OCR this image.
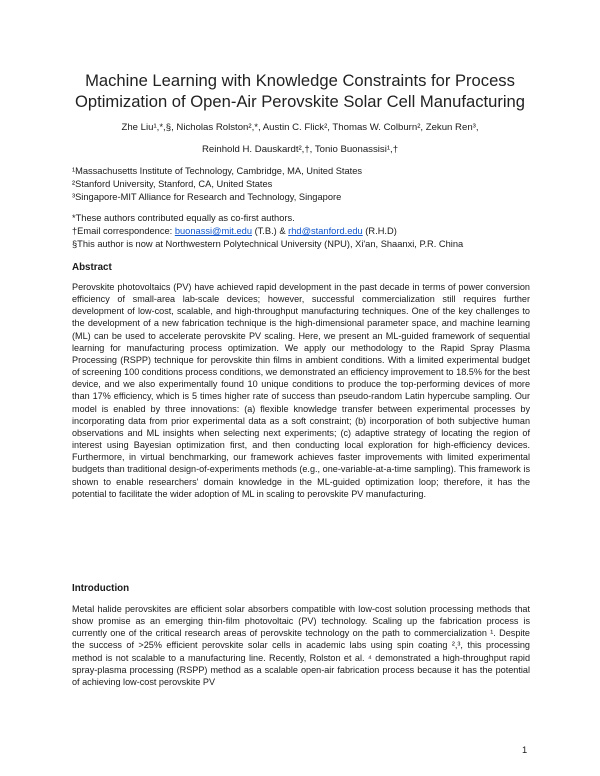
Machine Learning with Knowledge Constraints for Process
Optimization of Open-Air Perovskite Solar Cell Manufacturing
Zhe Liu¹,*,§, Nicholas Rolston²,*, Austin C. Flick², Thomas W. Colburn², Zekun Ren³,
Reinhold H. Dauskardt²,†, Tonio Buonassisi¹,†
¹Massachusetts Institute of Technology, Cambridge, MA, United States
²Stanford University, Stanford, CA, United States
³Singapore-MIT Alliance for Research and Technology, Singapore
*These authors contributed equally as co-first authors.
†Email correspondence: buonassi@mit.edu (T.B.) & rhd@stanford.edu (R.H.D)
§This author is now at Northwestern Polytechnical University (NPU), Xi'an, Shaanxi, P.R. China
Abstract

Perovskite photovoltaics (PV) have achieved rapid development in the past decade in terms of power conversion efficiency of small-area lab-scale devices; however, successful commercialization still requires further development of low-cost, scalable, and high-throughput manufacturing techniques. One of the key challenges to the development of a new fabrication technique is the high-dimensional parameter space, and machine learning (ML) can be used to accelerate perovskite PV scaling. Here, we present an ML-guided framework of sequential learning for manufacturing process optimization. We apply our methodology to the Rapid Spray Plasma Processing (RSPP) technique for perovskite thin films in ambient conditions. With a limited experimental budget of screening 100 conditions process conditions, we demonstrated an efficiency improvement to 18.5% for the best device, and we also experimentally found 10 unique conditions to produce the top-performing devices of more than 17% efficiency, which is 5 times higher rate of success than pseudo-random Latin hypercube sampling. Our model is enabled by three innovations: (a) flexible knowledge transfer between experimental processes by incorporating data from prior experimental data as a soft constraint; (b) incorporation of both subjective human observations and ML insights when selecting next experiments; (c) adaptive strategy of locating the region of interest using Bayesian optimization first, and then conducting local exploration for high-efficiency devices. Furthermore, in virtual benchmarking, our framework achieves faster improvements with limited experimental budgets than traditional design-of-experiments methods (e.g., one-variable-at-a-time sampling). This framework is shown to enable researchers' domain knowledge in the ML-guided optimization loop; therefore, it has the potential to facilitate the wider adoption of ML in scaling to perovskite PV manufacturing.

Introduction

Metal halide perovskites are efficient solar absorbers compatible with low-cost solution processing methods that show promise as an emerging thin-film photovoltaic (PV) technology. Scaling up the fabrication process is currently one of the critical research areas of perovskite technology on the path to commercialization ¹. Despite the success of >25% efficient perovskite solar cells in academic labs using spin coating ²,³, this processing method is not scalable to a manufacturing line. Recently, Rolston et al. ⁴ demonstrated a high-throughput rapid spray-plasma processing (RSPP) method as a scalable open-air fabrication process because it has the potential of achieving low-cost perovskite PV

1
